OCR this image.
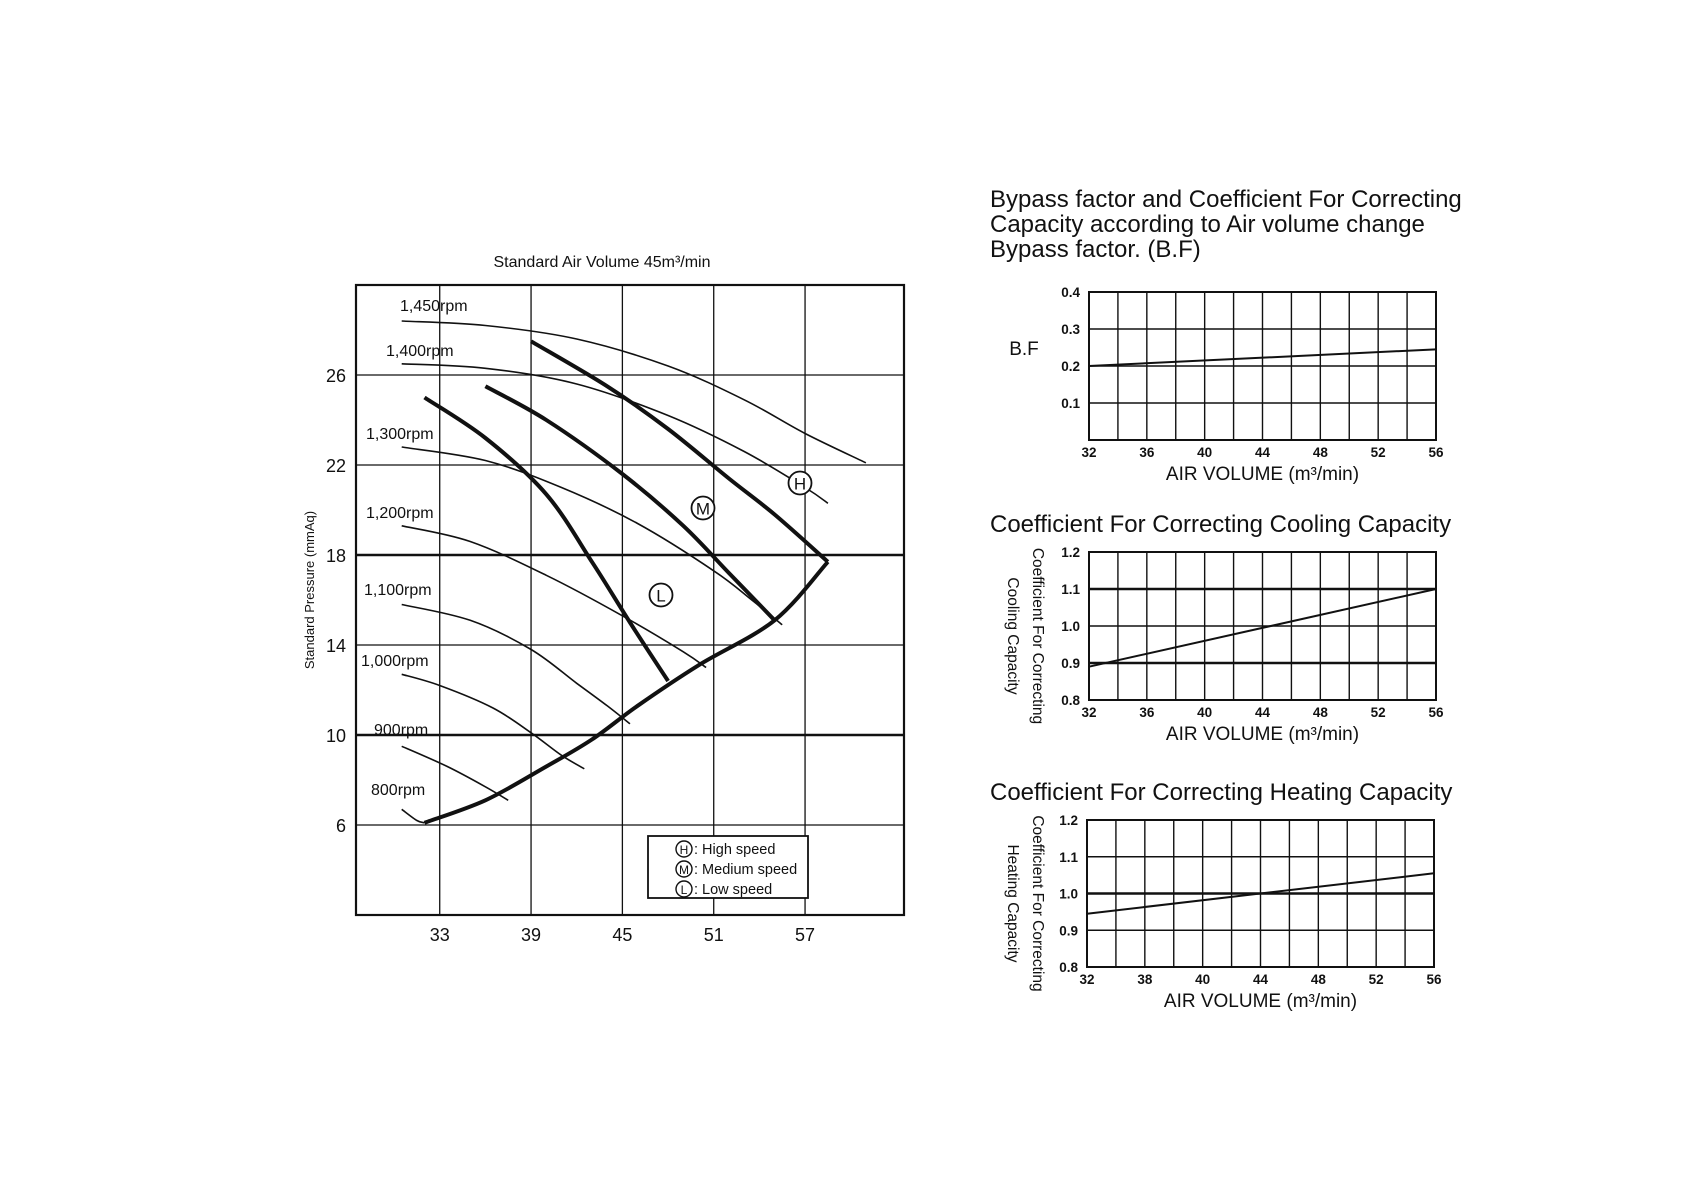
Standard Air Volume 45m³/min
Standard Pressure (mmAq)
33	39	45	51	57
6
10
14
18
22
26
1,450rpm
1,400rpm
1,300rpm
1,200rpm
1,100rpm
1,000rpm
900rpm
800rpm
H
M
L
H : High speed
M : Medium speed
L : Low speed
Bypass factor and Coefficient For Correcting
Capacity according to Air volume change
Bypass factor. (B.F)
0.4
0.3
0.2
0.1
32	36	40	44	48	52	56
AIR VOLUME (m³/min)
B.F
Coefficient For Correcting Cooling Capacity
1.2
1.1
1.0
0.9
0.8
32	36	40	44	48	52	56
AIR VOLUME (m³/min)
Coefficient For Correcting
Cooling Capacity
Coefficient For Correcting Heating Capacity
1.2
1.1
1.0
0.9
0.8
32	38	40	44	48	52	56
AIR VOLUME (m³/min)
Coefficient For Correcting
Heating Capacity
